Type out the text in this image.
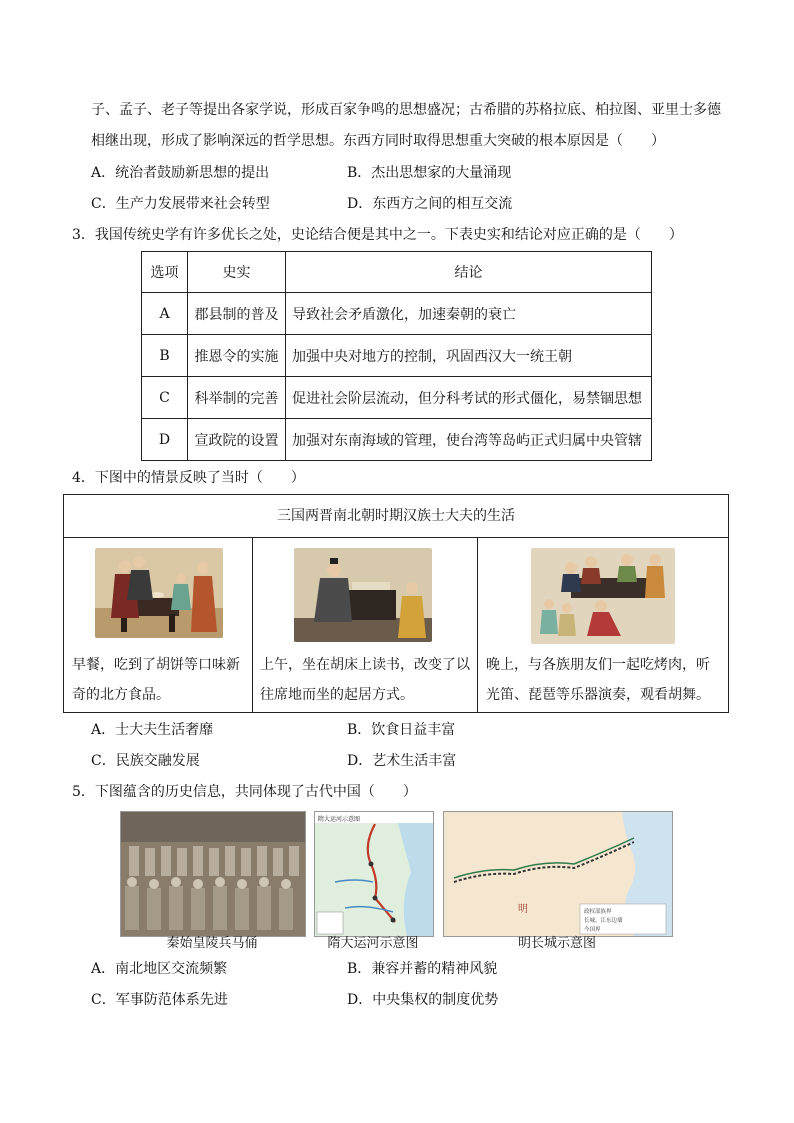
子、孟子、老子等提出各家学说，形成百家争鸣的思想盛况；古希腊的苏格拉底、柏拉图、亚里士多德
相继出现，形成了影响深远的哲学思想。东西方同时取得思想重大突破的根本原因是（　　）
A．统治者鼓励新思想的提出	B．杰出思想家的大量涌现
C．生产力发展带来社会转型	D．东西方之间的相互交流
3．我国传统史学有许多优长之处，史论结合便是其中之一。下表史实和结论对应正确的是（　　）
选项	史实	结论
A	郡县制的普及	导致社会矛盾激化，加速秦朝的衰亡
B	推恩令的实施	加强中央对地方的控制，巩固西汉大一统王朝
C	科举制的完善	促进社会阶层流动，但分科考试的形式僵化，易禁锢思想
D	宣政院的设置	加强对东南海域的管理，使台湾等岛屿正式归属中央管辖
4．下图中的情景反映了当时（　　）
三国两晋南北朝时期汉族士大夫的生活
早餐，吃到了胡饼等口味新奇的北方食品。
上午，坐在胡床上读书，改变了以往席地而坐的起居方式。
晚上，与各族朋友们一起吃烤肉，听光笛、琵琶等乐器演奏，观看胡舞。
A．士大夫生活奢靡	B．饮食日益丰富
C．民族交融发展	D．艺术生活丰富
5．下图蕴含的历史信息，共同体现了古代中国（　　）
秦始皇陵兵马俑
隋大运河示意图
隋大运河示意图
明	政权部族界
长城、江东边墙
今国界
明长城示意图
A．南北地区交流频繁	B．兼容并蓄的精神风貌
C．军事防范体系先进	D．中央集权的制度优势
